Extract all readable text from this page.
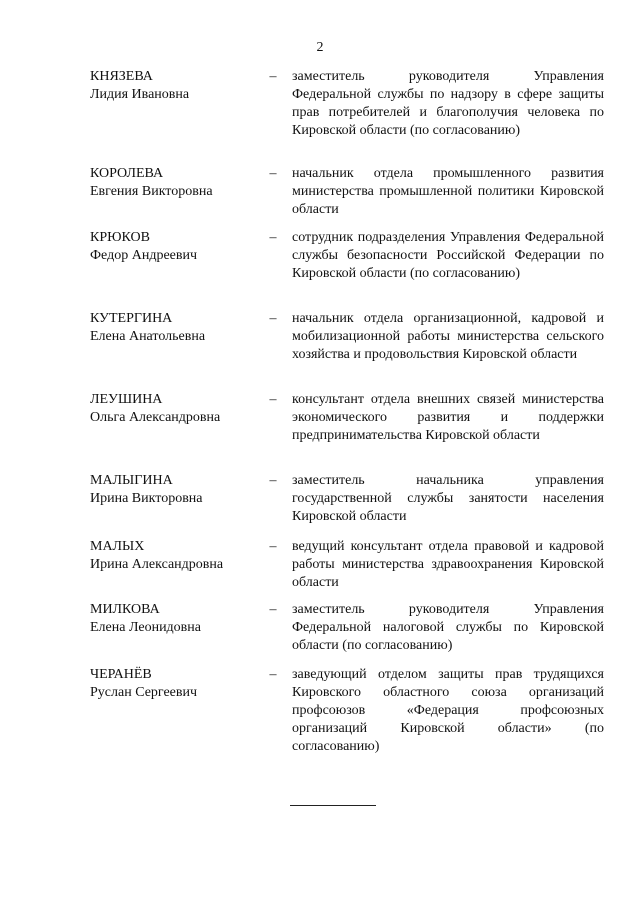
2
КНЯЗЕВА
Лидия Ивановна
– заместитель руководителя Управления Федеральной службы по надзору в сфере защиты прав потребителей и благополучия человека по Кировской области (по согласованию)
КОРОЛЕВА
Евгения Викторовна
– начальник отдела промышленного развития министерства промышленной политики Кировской области
КРЮКОВ
Федор Андреевич
– сотрудник подразделения Управления Федеральной службы безопасности Российской Федерации по Кировской области (по согласованию)
КУТЕРГИНА
Елена Анатольевна
– начальник отдела организационной, кадровой и мобилизационной работы министерства сельского хозяйства и продовольствия Кировской области
ЛЕУШИНА
Ольга Александровна
– консультант отдела внешних связей министерства экономического развития и поддержки предпринимательства Кировской области
МАЛЫГИНА
Ирина Викторовна
– заместитель начальника управления государственной службы занятости населения Кировской области
МАЛЫХ
Ирина Александровна
– ведущий консультант отдела правовой и кадровой работы министерства здравоохранения Кировской области
МИЛКОВА
Елена Леонидовна
– заместитель руководителя Управления Федеральной налоговой службы по Кировской области (по согласованию)
ЧЕРАНЁВ
Руслан Сергеевич
– заведующий отделом защиты прав трудящихся Кировского областного союза организаций профсоюзов «Федерация профсоюзных организаций Кировской области» (по согласованию)
